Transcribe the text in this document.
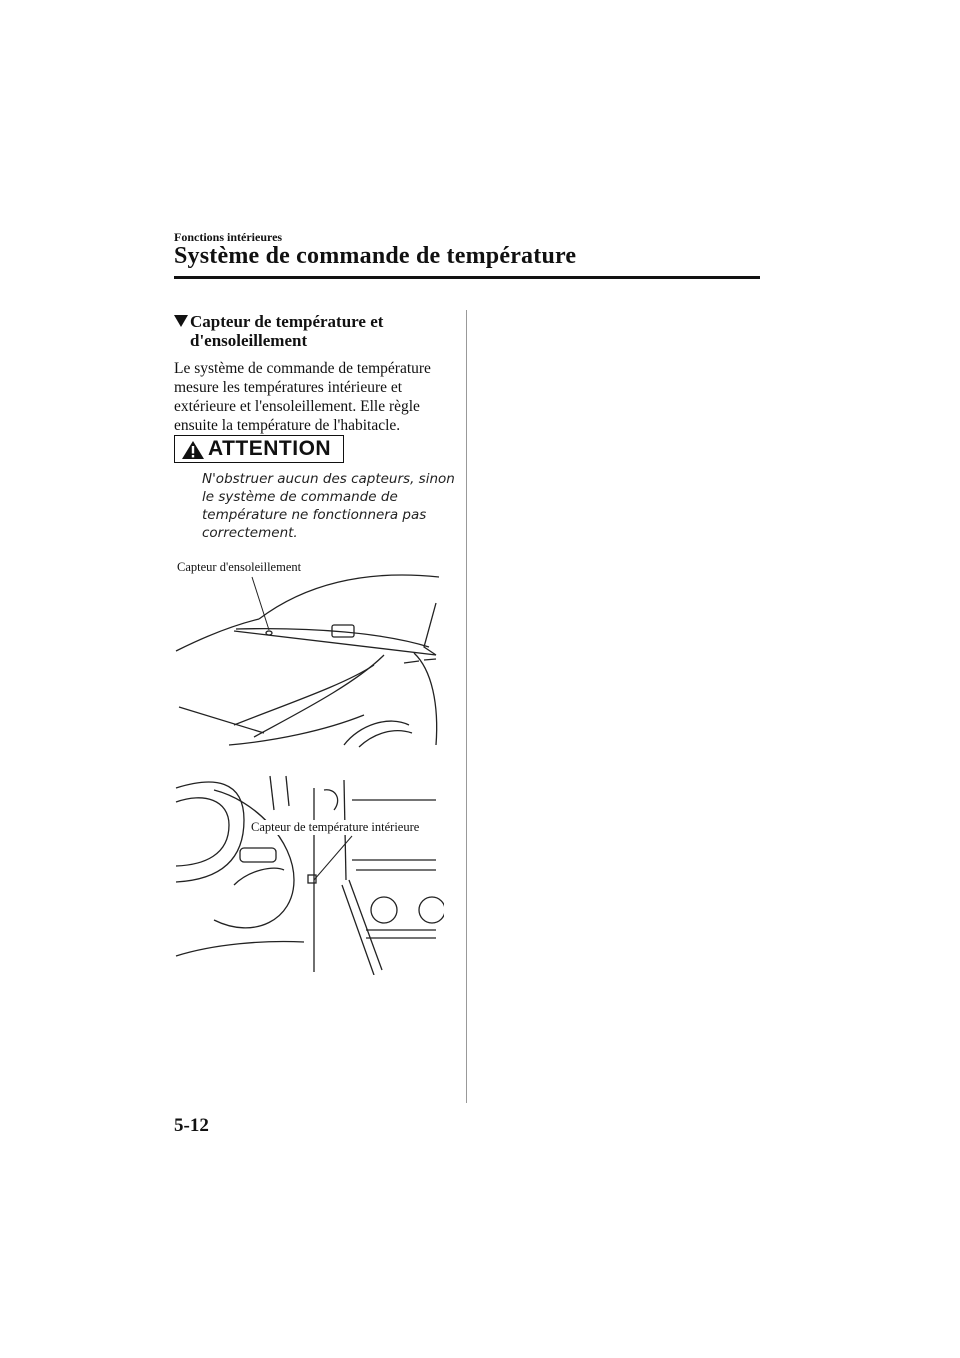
Fonctions intérieures
Système de commande de température
Capteur de température et d'ensoleillement
Le système de commande de température mesure les températures intérieure et extérieure et l'ensoleillement. Elle règle ensuite la température de l'habitacle.
ATTENTION
N'obstruer aucun des capteurs, sinon le système de commande de température ne fonctionnera pas correctement.
Capteur d'ensoleillement
Capteur de température intérieure
5-12
